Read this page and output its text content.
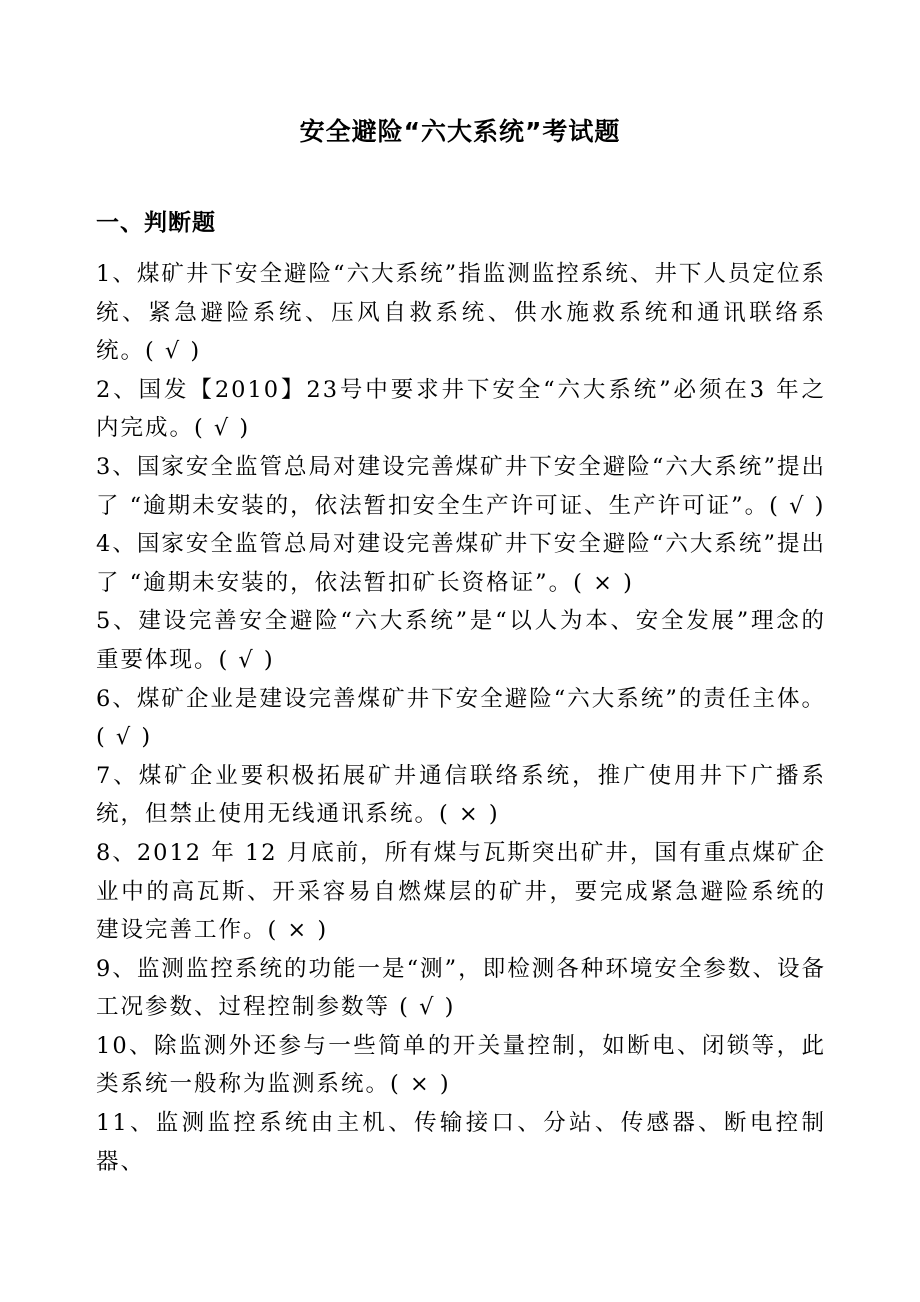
安全避险“六大系统”考试题
一、判断题
1、煤矿井下安全避险“六大系统”指监测监控系统、井下人员定位系统、紧急避险系统、压风自救系统、供水施救系统和通讯联络系统。( √ )
2、国发【2010】23号中要求井下安全“六大系统”必须在3 年之内完成。( √ )
3、国家安全监管总局对建设完善煤矿井下安全避险“六大系统”提出了 “逾期未安装的，依法暂扣安全生产许可证、生产许可证”。( √ )
4、国家安全监管总局对建设完善煤矿井下安全避险“六大系统”提出了 “逾期未安装的，依法暂扣矿长资格证”。( × )
5、建设完善安全避险“六大系统”是“以人为本、安全发展”理念的重要体现。( √ )
6、煤矿企业是建设完善煤矿井下安全避险“六大系统”的责任主体。( √ )
7、煤矿企业要积极拓展矿井通信联络系统，推广使用井下广播系统，但禁止使用无线通讯系统。( × )
8、2012 年 12 月底前，所有煤与瓦斯突出矿井，国有重点煤矿企业中的高瓦斯、开采容易自燃煤层的矿井，要完成紧急避险系统的建设完善工作。( × )
9、监测监控系统的功能一是“测”，即检测各种环境安全参数、设备工况参数、过程控制参数等 ( √ )
10、除监测外还参与一些简单的开关量控制，如断电、闭锁等，此类系统一般称为监测系统。( × )
11、监测监控系统由主机、传输接口、分站、传感器、断电控制器、
